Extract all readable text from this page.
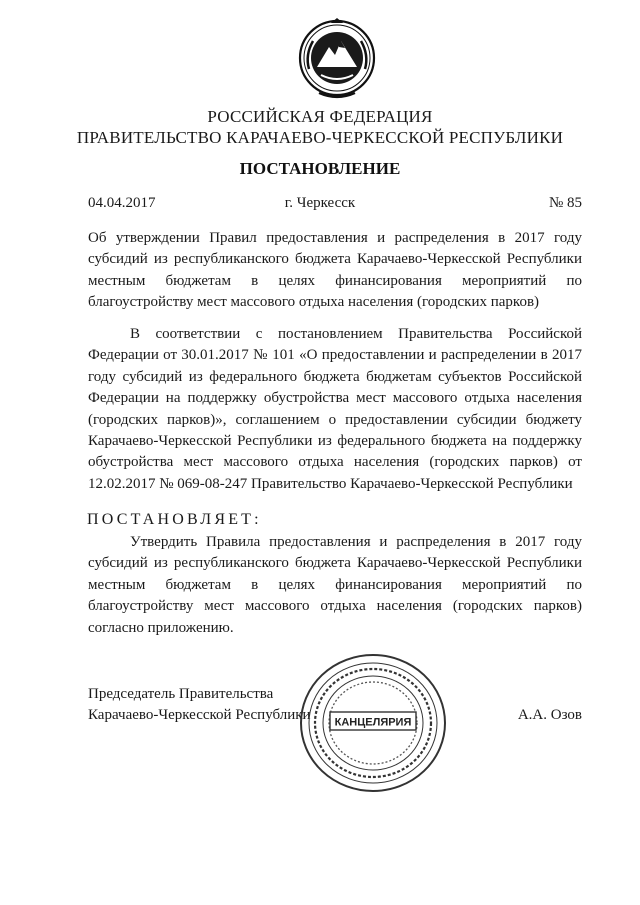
РОССИЙСКАЯ ФЕДЕРАЦИЯ
ПРАВИТЕЛЬСТВО КАРАЧАЕВО-ЧЕРКЕССКОЙ РЕСПУБЛИКИ
ПОСТАНОВЛЕНИЕ
04.04.2017	г. Черкесск	№ 85

Об утверждении Правил предоставления и распределения в 2017 году субсидий из республиканского бюджета Карачаево-Черкесской Республики местным бюджетам в целях финансирования мероприятий по благоустройству мест массового отдыха населения (городских парков)

В соответствии с постановлением Правительства Российской Федерации от 30.01.2017 № 101 «О предоставлении и распределении в 2017 году субсидий из федерального бюджета бюджетам субъектов Российской Федерации на поддержку обустройства мест массового отдыха населения (городских парков)», соглашением о предоставлении субсидии бюджету Карачаево-Черкесской Республики из федерального бюджета на поддержку обустройства мест массового отдыха населения (городских парков) от 12.02.2017 № 069-08-247 Правительство Карачаево-Черкесской Республики

ПОСТАНОВЛЯЕТ:

Утвердить Правила предоставления и распределения в 2017 году субсидий из республиканского бюджета Карачаево-Черкесской Республики местным бюджетам в целях финансирования мероприятий по благоустройству мест массового отдыха населения (городских парков) согласно приложению.

Председатель Правительства
Карачаево-Черкесской Республики	А.А. Озов
КАНЦЕЛЯРИЯ
